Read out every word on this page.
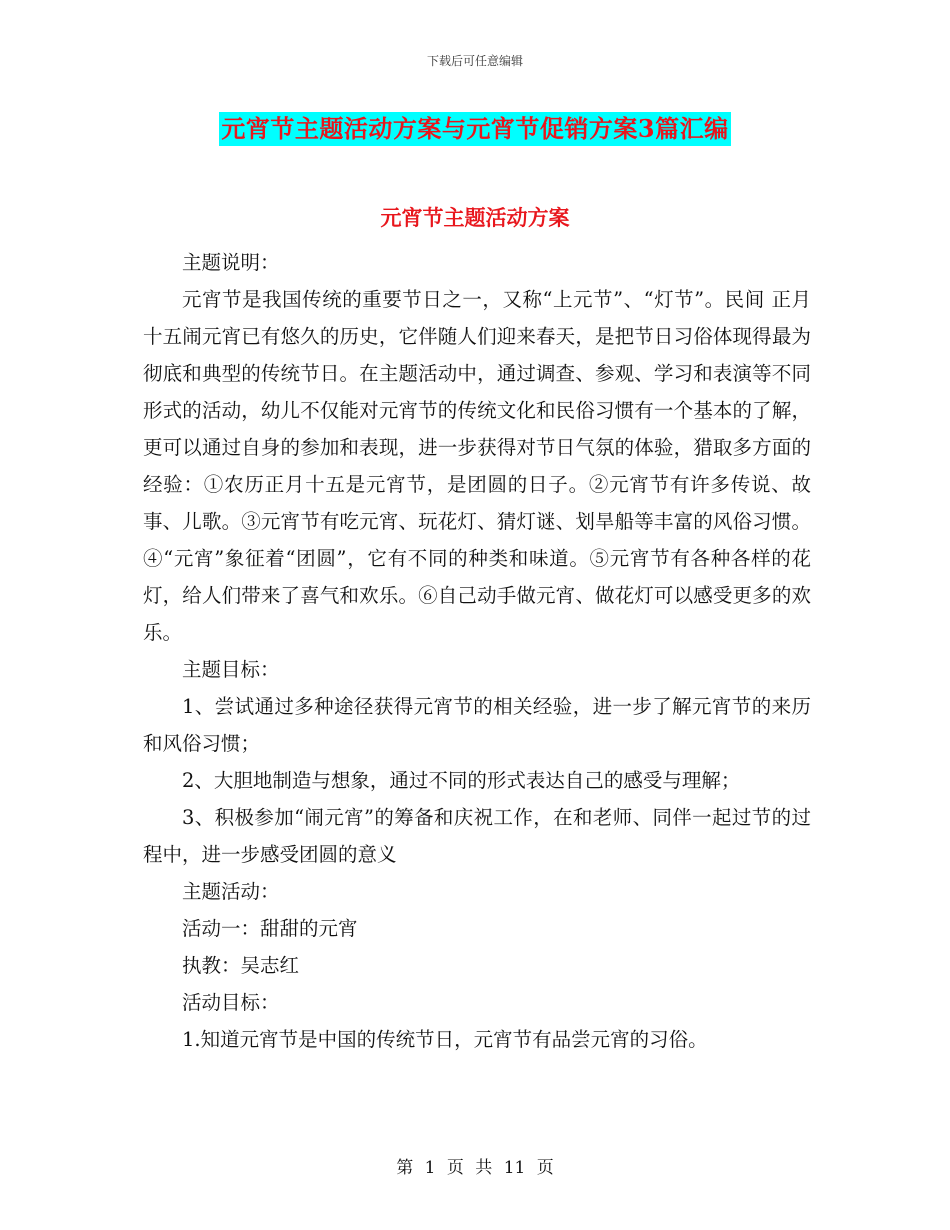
下载后可任意编辑
元宵节主题活动方案与元宵节促销方案3篇汇编
元宵节主题活动方案

主题说明：

元宵节是我国传统的重要节日之一，又称“上元节”、“灯节”。民间 正月十五闹元宵已有悠久的历史，它伴随人们迎来春天，是把节日习俗体现得最为彻底和典型的传统节日。在主题活动中，通过调查、参观、学习和表演等不同形式的活动，幼儿不仅能对元宵节的传统文化和民俗习惯有一个基本的了解，更可以通过自身的参加和表现，进一步获得对节日气氛的体验，猎取多方面的经验：①农历正月十五是元宵节，是团圆的日子。②元宵节有许多传说、故事、儿歌。③元宵节有吃元宵、玩花灯、猜灯谜、划旱船等丰富的风俗习惯。④“元宵”象征着“团圆”，它有不同的种类和味道。⑤元宵节有各种各样的花灯，给人们带来了喜气和欢乐。⑥自己动手做元宵、做花灯可以感受更多的欢乐。

主题目标：

1、尝试通过多种途径获得元宵节的相关经验，进一步了解元宵节的来历和风俗习惯；

2、大胆地制造与想象，通过不同的形式表达自己的感受与理解；

3、积极参加“闹元宵”的筹备和庆祝工作，在和老师、同伴一起过节的过程中，进一步感受团圆的意义

主题活动：

活动一：甜甜的元宵

执教：吴志红

活动目标：

1.知道元宵节是中国的传统节日，元宵节有品尝元宵的习俗。

第 1 页 共 11 页
